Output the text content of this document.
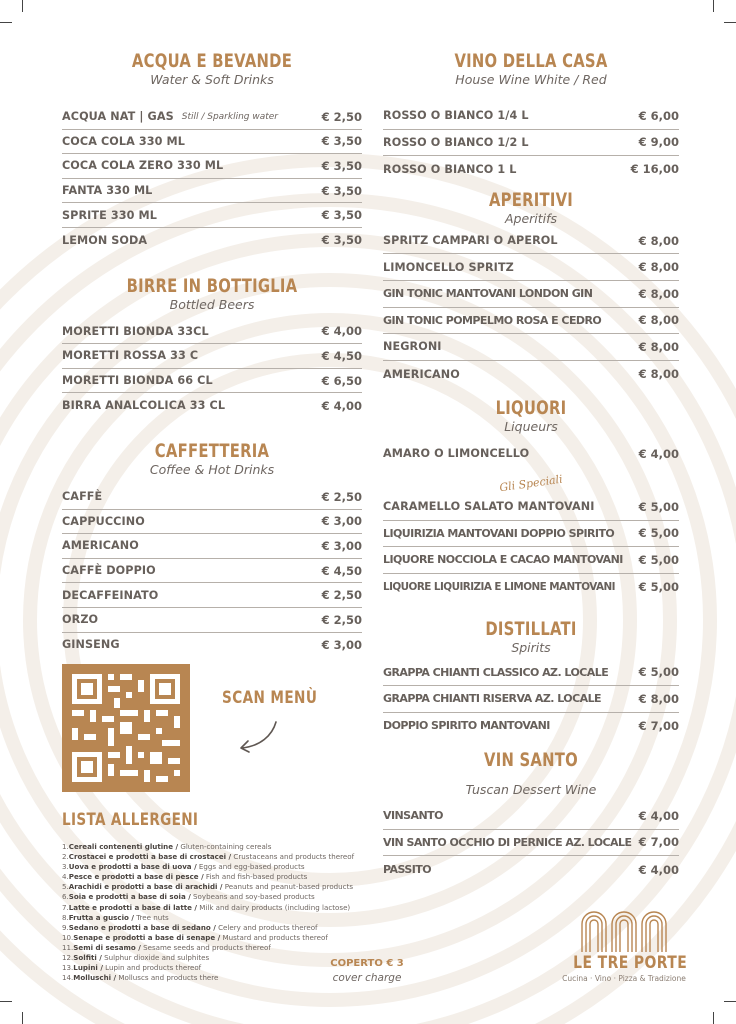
ACQUA E BEVANDE
Water & Soft Drinks
ACQUA NAT | GAS Still / Sparkling water	€ 2,50
COCA COLA 330 ML	€ 3,50
COCA COLA ZERO 330 ML	€ 3,50
FANTA 330 ML	€ 3,50
SPRITE 330 ML	€ 3,50
LEMON SODA	€ 3,50
BIRRE IN BOTTIGLIA
Bottled Beers
MORETTI BIONDA 33CL	€ 4,00
MORETTI ROSSA 33 C	€ 4,50
MORETTI BIONDA 66 CL	€ 6,50
BIRRA ANALCOLICA 33 CL	€ 4,00
CAFFETTERIA
Coffee & Hot Drinks
CAFFÈ	€ 2,50
CAPPUCCINO	€ 3,00
AMERICANO	€ 3,00
CAFFÈ DOPPIO	€ 4,50
DECAFFEINATO	€ 2,50
ORZO	€ 2,50
GINSENG	€ 3,00
SCAN MENÙ
LISTA ALLERGENI
1.Cereali contenenti glutine / Gluten-containing cereals
2.Crostacei e prodotti a base di crostacei / Crustaceans and products thereof
3.Uova e prodotti a base di uova / Eggs and egg-based products
4.Pesce e prodotti a base di pesce / Fish and fish-based products
5.Arachidi e prodotti a base di arachidi / Peanuts and peanut-based products
6.Soia e prodotti a base di soia / Soybeans and soy-based products
7.Latte e prodotti a base di latte / Milk and dairy products (including lactose)
8.Frutta a guscio / Tree nuts
9.Sedano e prodotti a base di sedano / Celery and products thereof
10.Senape e prodotti a base di senape / Mustard and products thereof
11.Semi di sesamo / Sesame seeds and products thereof
12.Solfiti / Sulphur dioxide and sulphites
13.Lupini / Lupin and products thereof
14.Molluschi / Molluscs and products there
VINO DELLA CASA
House Wine White / Red
ROSSO O BIANCO 1/4 L	€ 6,00
ROSSO O BIANCO 1/2 L	€ 9,00
ROSSO O BIANCO 1 L	€ 16,00
APERITIVI
Aperitifs
SPRITZ CAMPARI O APEROL	€ 8,00
LIMONCELLO SPRITZ	€ 8,00
GIN TONIC MANTOVANI LONDON GIN	€ 8,00
GIN TONIC POMPELMO ROSA E CEDRO	€ 8,00
NEGRONI	€ 8,00
AMERICANO	€ 8,00
LIQUORI
Liqueurs
AMARO O LIMONCELLO	€ 4,00
Gli Speciali
CARAMELLO SALATO MANTOVANI	€ 5,00
LIQUIRIZIA MANTOVANI DOPPIO SPIRITO € 5,00
LIQUORE NOCCIOLA E CACAO MANTOVANI € 5,00
LIQUORE LIQUIRIZIA E LIMONE MANTOVANI € 5,00
DISTILLATI
Spirits
GRAPPA CHIANTI CLASSICO AZ. LOCALE	€ 5,00
GRAPPA CHIANTI RISERVA AZ. LOCALE	€ 8,00
DOPPIO SPIRITO MANTOVANI	€ 7,00
VIN SANTO
Tuscan Dessert Wine
VINSANTO	€ 4,00
VIN SANTO OCCHIO DI PERNICE AZ. LOCALE € 7,00
PASSITO	€ 4,00
COPERTO € 3
cover charge
LE TRE PORTE
Cucina · Vino · Pizza & Tradizione
